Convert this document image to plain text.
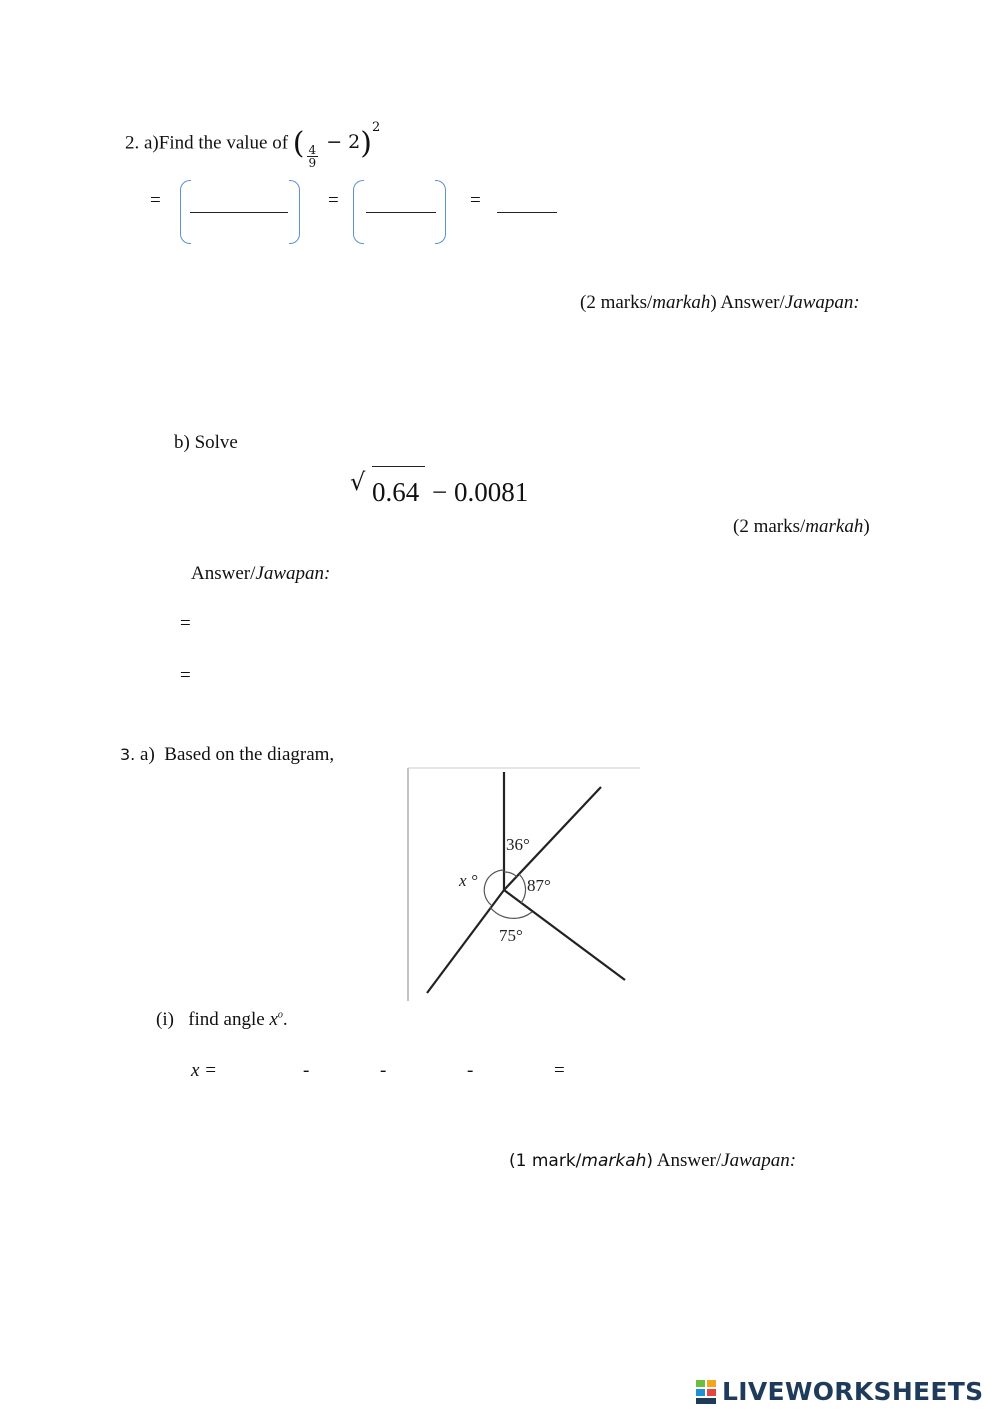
2. a)Find the value of ( $\frac{4}{9}$
− 2)$^2$
=	=	=
(2 marks/markah) Answer/Jawapan:
b) Solve
√ 0.64 − 0.0081
(2 marks/markah)
Answer/Jawapan:
=
=
3. a)  Based on the diagram,
36°
x °	87°
75°
(i) find angle $x^o$.
x =	-	-	-	=
(1 mark/markah) Answer/Jawapan:
LIVEWORKSHEETS
